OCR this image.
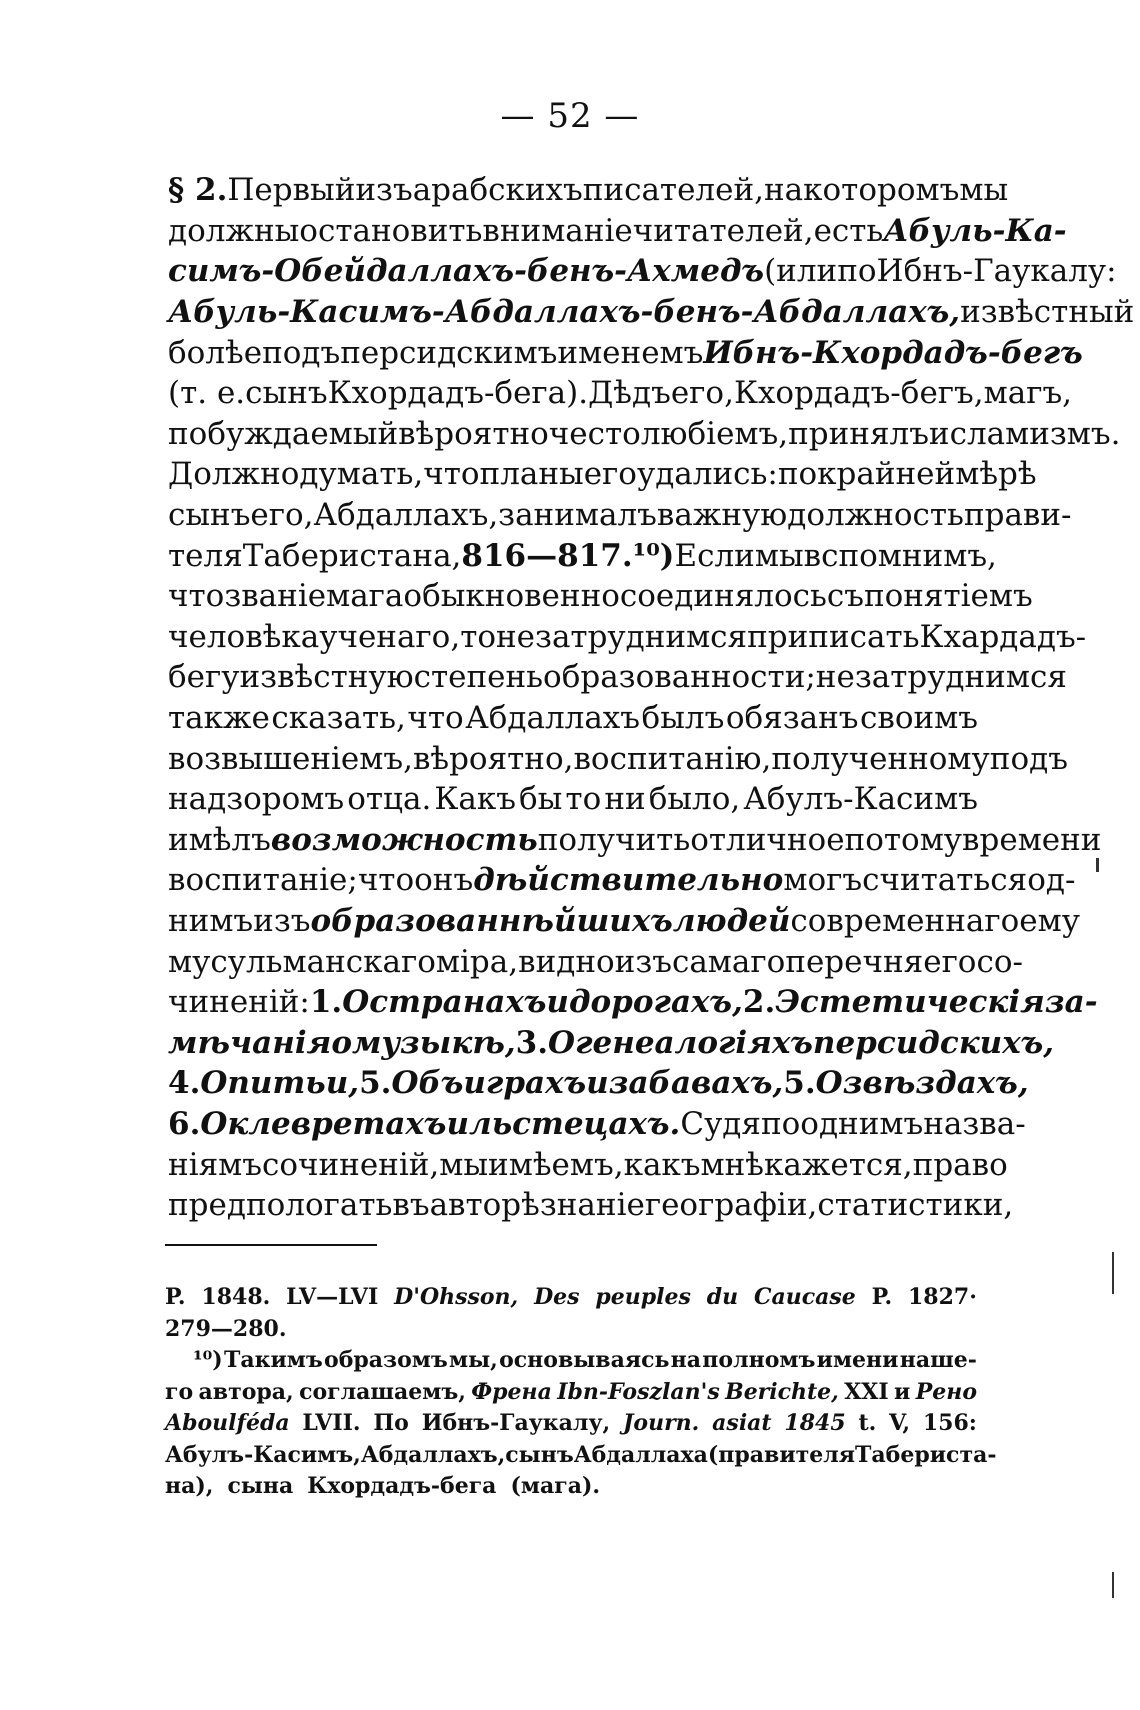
— 52 —
§ 2. Первый изъ арабскихъ писателей, на которомъ мы
должны остановить вниманіе читателей, есть Абуль-Ка-
симъ-Обейдаллахъ-бенъ-Ахмедъ (или по Ибнъ-Гаукалу:
Абуль-Касимъ-Абдаллахъ - бенъ - Абдаллахъ, извѣстный
болѣе подъ персидскимъ именемъ Ибнъ-Кхордадъ-бегъ
(т. е. сынъ Кхордадъ-бега). Дѣдъ его, Кхордадъ-бегъ, магъ,
побуждаемый вѣроятно честолюбіемъ, принялъ исламизмъ.
Должно думать, что планы его удались: по крайней мѣрѣ
сынъ его, Абдаллахъ, занималъ важную должность прави-
теля Таберистана, 816—817. ¹⁰) Если мы вспомнимъ,
что званіе мага обыкновенно соединялось съ понятіемъ
человѣка ученаго, то не затруднимся приписать Кхардадъ-
бегу извѣстную степень образованности; не затруднимся
также сказать, что Абдаллахъ былъ обязанъ своимъ
возвышеніемъ, вѣроятно, воспитанію, полученному подъ
надзоромъ отца. Какъ бы то ни было, Абулъ-Касимъ
имѣлъ возможность получить отличное по тому времени
воспитаніе; что онъ дѣйствительно могъ считаться од-
нимъ изъ образованнѣйшихъ людей современнаго ему
мусульманскаго міра, видно изъ самаго перечня его со-
чиненій: 1. О странахъ и дорогахъ, 2. Эстетическія за-
мѣчанія о музыкѣ, 3. О генеалогіяхъ персидскихъ,
4. О питьи, 5. Объ играхъ и забавахъ, 5. О звѣздахъ,
6. О клевретахъ и льстецахъ. Судя по однимъ назва-
ніямъ сочиненій, мы имѣемъ, какъ мнѣ кажется, право
предпологать въ авторѣ знаніе географіи, статистики,
P. 1848. LV—LVI D'Ohsson, Des peuples du Caucase P. 1827·
279—280.
¹⁰) Такимъ образомъ мы, основываясь на полномъ имени наше-
го автора, соглашаемъ, Френа Ibn-Foszlan's Berichte, XXI и Рено
Aboulféda LVII. По Ибнъ-Гаукалу, Journ. asiat 1845 t. V, 156:
Абулъ-Касимъ, Абдаллахъ, сынъ Абдаллаха (правителя Таберистa-
на), сына Кхордадъ-бега (мага).
